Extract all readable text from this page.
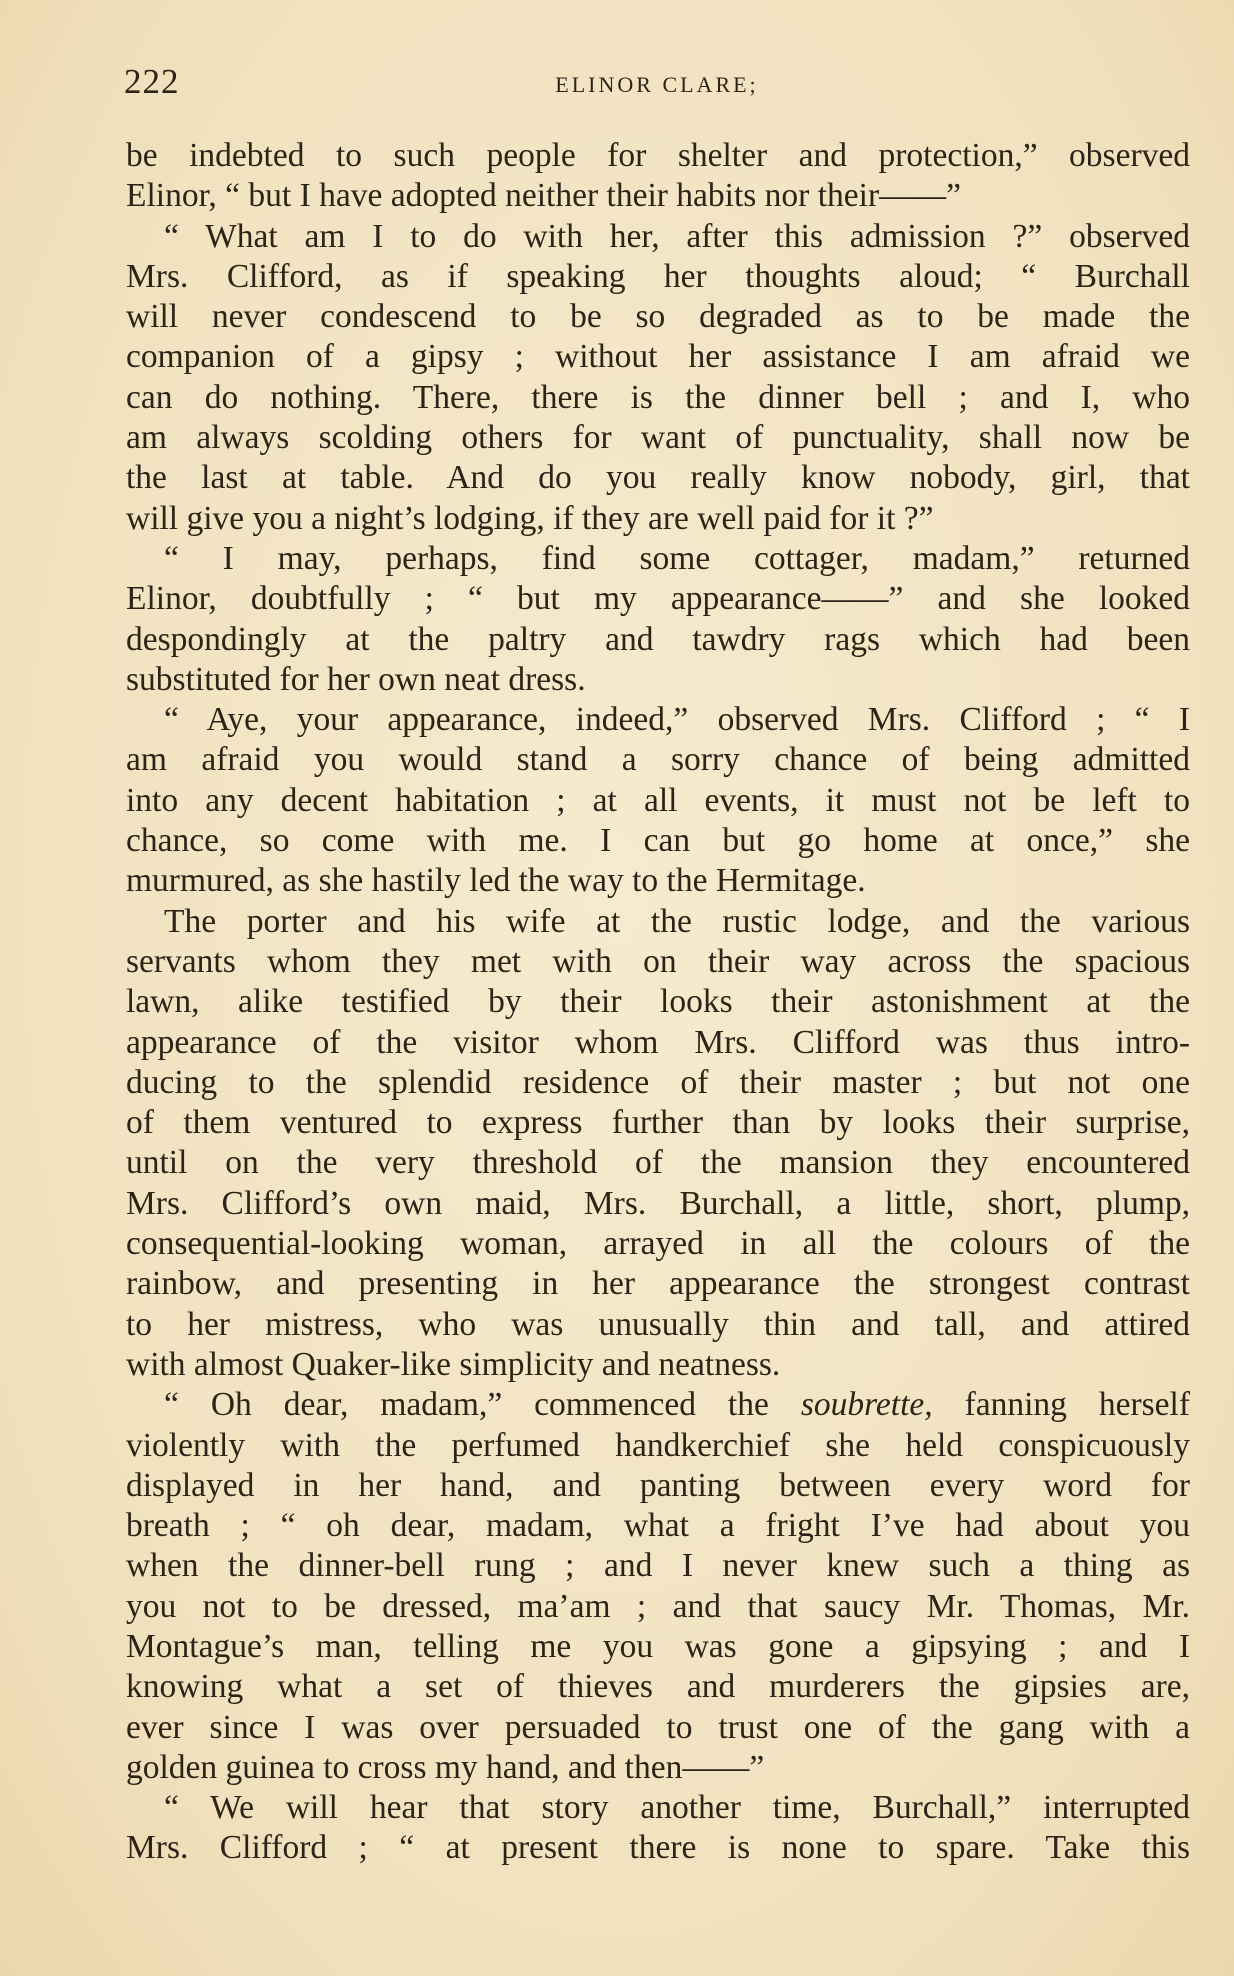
222	ELINOR CLARE;
be indebted to such people for shelter and protection,” observed
Elinor, “ but I have adopted neither their habits nor their——”
“ What am I to do with her, after this admission ?” observed
Mrs. Clifford, as if speaking her thoughts aloud; “ Burchall
will never condescend to be so degraded as to be made the
companion of a gipsy ; without her assistance I am afraid we
can do nothing. There, there is the dinner bell ; and I, who
am always scolding others for want of punctuality, shall now be
the last at table. And do you really know nobody, girl, that
will give you a night’s lodging, if they are well paid for it ?”
“ I may, perhaps, find some cottager, madam,” returned
Elinor, doubtfully ; “ but my appearance——” and she looked
despondingly at the paltry and tawdry rags which had been
substituted for her own neat dress.
“ Aye, your appearance, indeed,” observed Mrs. Clifford ; “ I
am afraid you would stand a sorry chance of being admitted
into any decent habitation ; at all events, it must not be left to
chance, so come with me. I can but go home at once,” she
murmured, as she hastily led the way to the Hermitage.
The porter and his wife at the rustic lodge, and the various
servants whom they met with on their way across the spacious
lawn, alike testified by their looks their astonishment at the
appearance of the visitor whom Mrs. Clifford was thus intro-
ducing to the splendid residence of their master ; but not one
of them ventured to express further than by looks their surprise,
until on the very threshold of the mansion they encountered
Mrs. Clifford’s own maid, Mrs. Burchall, a little, short, plump,
consequential-looking woman, arrayed in all the colours of the
rainbow, and presenting in her appearance the strongest contrast
to her mistress, who was unusually thin and tall, and attired
with almost Quaker-like simplicity and neatness.
“ Oh dear, madam,” commenced the soubrette, fanning herself
violently with the perfumed handkerchief she held conspicuously
displayed in her hand, and panting between every word for
breath ; “ oh dear, madam, what a fright I’ve had about you
when the dinner-bell rung ; and I never knew such a thing as
you not to be dressed, ma’am ; and that saucy Mr. Thomas, Mr.
Montague’s man, telling me you was gone a gipsying ; and I
knowing what a set of thieves and murderers the gipsies are,
ever since I was over persuaded to trust one of the gang with a
golden guinea to cross my hand, and then——”
“ We will hear that story another time, Burchall,” interrupted
Mrs. Clifford ; “ at present there is none to spare. Take this
